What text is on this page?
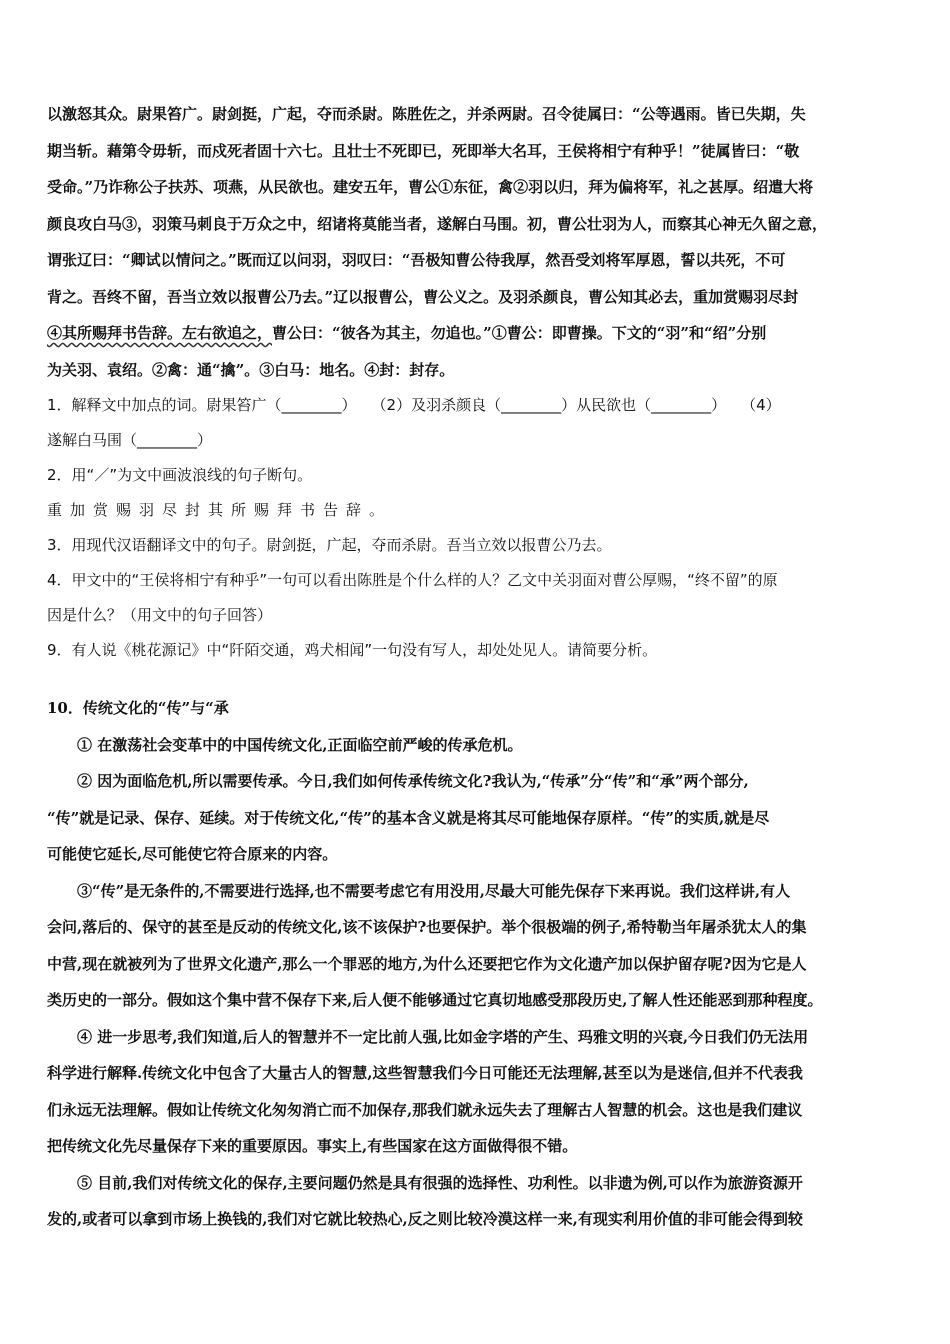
以激怒其众。尉果笞广。尉剑挺，广起，夺而杀尉。陈胜佐之，并杀两尉。召令徒属曰：“公等遇雨。皆已失期，失

期当斩。藉第令毋斩，而戍死者固十六七。且壮士不死即已，死即举大名耳，王侯将相宁有种乎！”徒属皆曰：“敬

受命。”乃诈称公子扶苏、项燕，从民欲也。建安五年，曹公①东征，禽②羽以归，拜为偏将军，礼之甚厚。绍遣大将

颜良攻白马③，羽策马刺良于万众之中，绍诸将莫能当者，遂解白马围。初，曹公壮羽为人，而察其心神无久留之意，

谓张辽曰：“卿试以情问之。”既而辽以问羽，羽叹曰：“吾极知曹公待我厚，然吾受刘将军厚恩，誓以共死，不可

背之。吾终不留，吾当立效以报曹公乃去。”辽以报曹公，曹公义之。及羽杀颜良，曹公知其必去，重加赏赐羽尽封

④其所赐拜书告辞。左右欲追之，曹公曰：“彼各为其主，勿追也。”①曹公：即曹操。下文的“羽”和“绍”分别

为关羽、袁绍。②禽：通“擒”。③白马：地名。④封：封存。

1．解释文中加点的词。尉果笞广（________）　　（2）及羽杀颜良（________）从民欲也（________）　　（4）

遂解白马围（________）

2．用“／”为文中画波浪线的句子断句。

重加赏赐羽尽封其所赐拜书告辞。

3．用现代汉语翻译文中的句子。尉剑挺，广起，夺而杀尉。吾当立效以报曹公乃去。

4．甲文中的“王侯将相宁有种乎”一句可以看出陈胜是个什么样的人？乙文中关羽面对曹公厚赐，“终不留”的原

因是什么？（用文中的句子回答）

9．有人说《桃花源记》中“阡陌交通，鸡犬相闻”一句没有写人，却处处见人。请简要分析。

10．传统文化的“传”与“承

① 在激荡社会变革中的中国传统文化,正面临空前严峻的传承危机。

② 因为面临危机,所以需要传承。今日,我们如何传承传统文化?我认为,“传承”分“传”和“承”两个部分,

“传”就是记录、保存、延续。对于传统文化,“传”的基本含义就是将其尽可能地保存原样。“传”的实质,就是尽

可能使它延长,尽可能使它符合原来的内容。

③“传”是无条件的,不需要进行选择,也不需要考虑它有用没用,尽最大可能先保存下来再说。我们这样讲,有人

会问,落后的、保守的甚至是反动的传统文化,该不该保护?也要保护。举个很极端的例子,希特勒当年屠杀犹太人的集

中营,现在就被列为了世界文化遗产,那么一个罪恶的地方,为什么还要把它作为文化遗产加以保护留存呢?因为它是人

类历史的一部分。假如这个集中营不保存下来,后人便不能够通过它真切地感受那段历史,了解人性还能恶到那种程度。

④ 进一步思考,我们知道,后人的智慧并不一定比前人强,比如金字塔的产生、玛雅文明的兴衰,今日我们仍无法用

科学进行解释.传统文化中包含了大量古人的智慧,这些智慧我们今日可能还无法理解,甚至以为是迷信,但并不代表我

们永远无法理解。假如让传统文化匆匆消亡而不加保存,那我们就永远失去了理解古人智慧的机会。这也是我们建议

把传统文化先尽量保存下来的重要原因。事实上,有些国家在这方面做得很不错。

⑤ 目前,我们对传统文化的保存,主要问题仍然是具有很强的选择性、功利性。以非遗为例,可以作为旅游资源开

发的,或者可以拿到市场上换钱的,我们对它就比较热心,反之则比较冷漠这样一来,有现实利用价值的非可能会得到较
